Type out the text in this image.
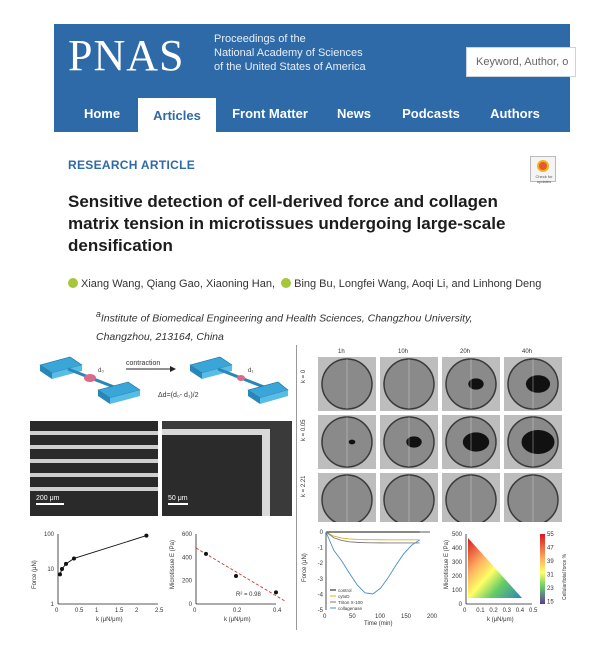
PNAS	Proceedings of the
National Academy of Sciences
of the United States of America	Keyword, Author, o
Home	Articles	Front Matter	News	Podcasts	Authors
RESEARCH ARTICLE
Check for updates
Sensitive detection of cell-derived force and collagen matrix tension in microtissues undergoing large-scale densification
Xiang Wang, Qiang Gao, Xiaoning Han, Bing Bu, Longfei Wang, Aoqi Li, and Linhong Deng
$^a$Institute of Biomedical Engineering and Health Sciences, Changzhou University, Changzhou, 213164, China
d₀
contraction
Δd=(d₀- d₁)/2
d₁
200 μm	50 μm
1h	10h	20h	40h
k = 0
k = 0.05
k = 2.21
0	0.5 1	1.5 2	2.5
100
10
1
k (μN/μm)
Force (μN)
0	0.2	0.4
600
400
200
0
k (μN/μm)
Microtissue E (Pa)
R² = 0.98
0
-1
-2
-3
-4
-5
0	50	100	150	200
Time (min)
Force (μN)
control
cytoD
Triton X-100
collagenase	0 0.1 0.2 0.3 0.4 0.5
500
400
300
200
100
0
k (μN/μm)
Microtissue E (Pa)
55
47
39
31
23
15
Cellular/total force %
